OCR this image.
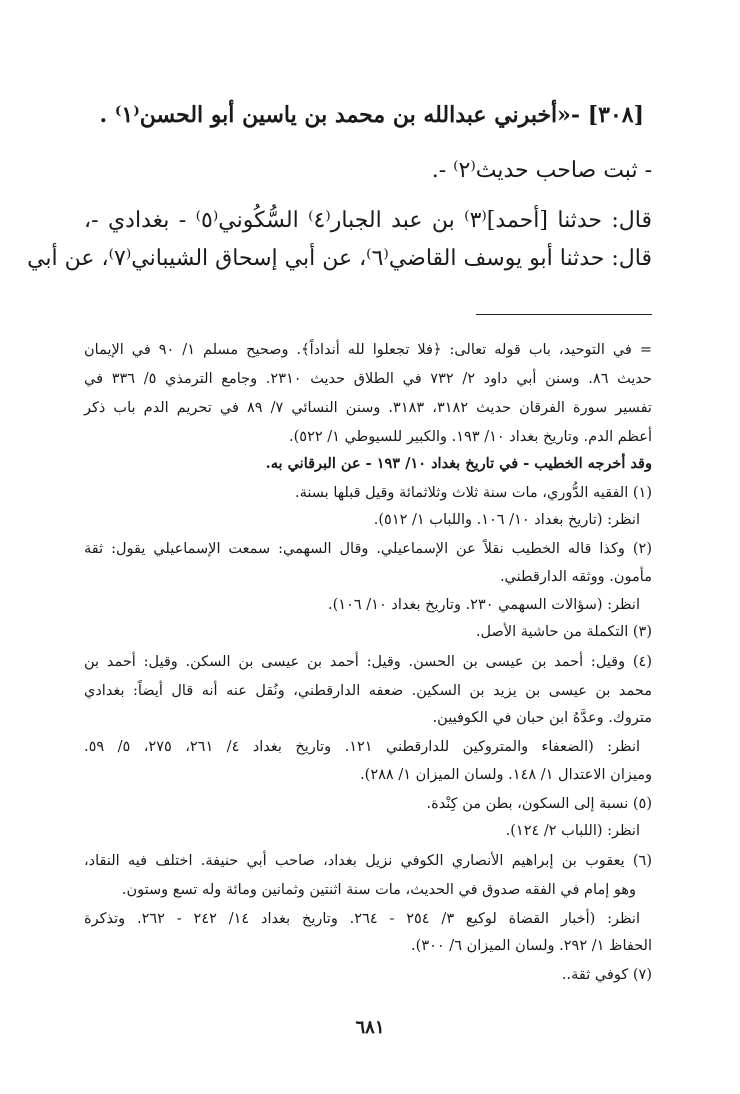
[٣٠٨] -«أخبرني عبدالله بن محمد بن ياسين أبو الحسن⁽١⁾ .
- ثبت صاحب حديث⁽٢⁾ -.
قال: حدثنا [أحمد]⁽٣⁾ بن عبد الجبار⁽٤⁾ السُّكُوني⁽٥⁾ - بغدادي -،
قال: حدثنا أبو يوسف القاضي⁽٦⁾، عن أبي إسحاق الشيباني⁽٧⁾، عن أبي
= في التوحيد، باب قوله تعالى: ﴿فلا تجعلوا لله أنداداً﴾. وصحيح مسلم ١/ ٩٠ في الإيمان
حديث ٨٦. وسنن أبي داود ٢/ ٧٣٢ في الطلاق حديث ٢٣١٠. وجامع الترمذي ٥/ ٣٣٦ في
تفسير سورة الفرقان حديث ٣١٨٢، ٣١٨٣. وسنن النسائي ٧/ ٨٩ في تحريم الدم باب ذكر
أعظم الدم. وتاريخ بغداد ١٠/ ١٩٣. والكبير للسيوطي ١/ ٥٢٢).
وقد أخرجه الخطيب - في تاريخ بغداد ١٠/ ١٩٣ - عن البرقاني به.
(١) الفقيه الدُّوري، مات سنة ثلاث وثلاثمائة وقيل قبلها بسنة.
انظر: (تاريخ بغداد ١٠/ ١٠٦. واللباب ١/ ٥١٢).
(٢) وكذا قاله الخطيب نقلاً عن الإسماعيلي. وقال السهمي: سمعت الإسماعيلي يقول: ثقة
مأمون. ووثقه الدارقطني.
انظر: (سؤالات السهمي ٢٣٠. وتاريخ بغداد ١٠/ ١٠٦).
(٣) التكملة من حاشية الأصل.
(٤) وقيل: أحمد بن عيسى بن الحسن. وقيل: أحمد بن عيسى بن السكن. وقيل: أحمد بن
محمد بن عيسى بن يزيد بن السكين. ضعفه الدارقطني، ونُقل عنه أنه قال أيضاً: بغدادي
متروك. وعدَّهُ ابن حبان في الكوفيين.
انظر: (الضعفاء والمتروكين للدارقطني ١٢١. وتاريخ بغداد ٤/ ٢٦١، ٢٧٥، ٥/ ٥٩.
وميزان الاعتدال ١/ ١٤٨. ولسان الميزان ١/ ٢٨٨).
(٥) نسبة إلى السكون، بطن من كِنْدة.
انظر: (اللباب ٢/ ١٢٤).
(٦) يعقوب بن إبراهيم الأنصاري الكوفي نزيل بغداد، صاحب أبي حنيفة. اختلف فيه النقاد،
وهو إمام في الفقه صدوق في الحديث، مات سنة اثنتين وثمانين ومائة وله تسع وستون.
انظر: (أخبار القضاة لوكيع ٣/ ٢٥٤ - ٢٦٤. وتاريخ بغداد ١٤/ ٢٤٢ - ٢٦٢. وتذكرة
الحفاظ ١/ ٢٩٢. ولسان الميزان ٦/ ٣٠٠).
(٧) كوفي ثقة..
٦٨١
